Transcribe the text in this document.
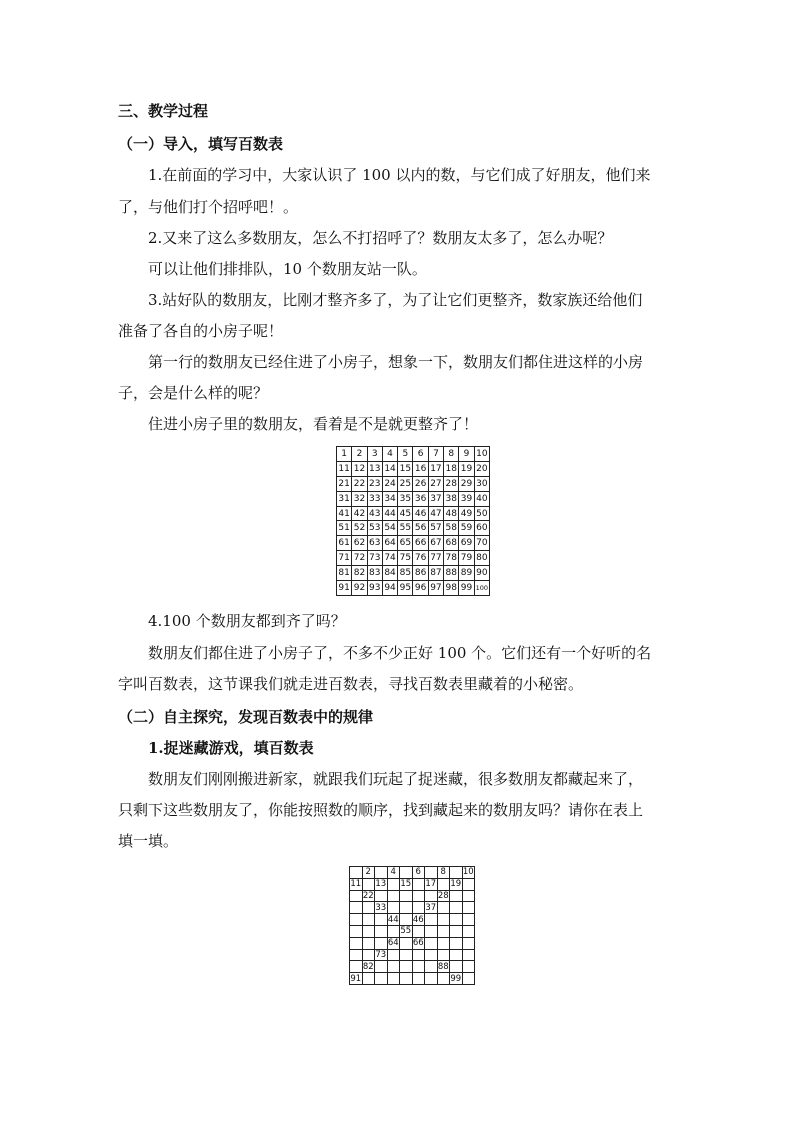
三、教学过程
（一）导入，填写百数表
1.在前面的学习中，大家认识了 100 以内的数，与它们成了好朋友，他们来
了，与他们打个招呼吧！。
2.又来了这么多数朋友，怎么不打招呼了？数朋友太多了，怎么办呢？
可以让他们排排队，10 个数朋友站一队。
3.站好队的数朋友，比刚才整齐多了，为了让它们更整齐，数家族还给他们
准备了各自的小房子呢！
第一行的数朋友已经住进了小房子，想象一下，数朋友们都住进这样的小房
子，会是什么样的呢？
住进小房子里的数朋友，看着是不是就更整齐了！
1	2	3	4	5	6	7	8	9	10
11	12	13	14	15	16	17	18	19	20
21	22	23	24	25	26	27	28	29	30
31	32	33	34	35	36	37	38	39	40
41	42	43	44	45	46	47	48	49	50
51	52	53	54	55	56	57	58	59	60
61	62	63	64	65	66	67	68	69	70
71	72	73	74	75	76	77	78	79	80
81	82	83	84	85	86	87	88	89	90
91	92	93	94	95	96	97	98	99	100
4.100 个数朋友都到齐了吗？
数朋友们都住进了小房子了，不多不少正好 100 个。它们还有一个好听的名
字叫百数表，这节课我们就走进百数表，寻找百数表里藏着的小秘密。
（二）自主探究，发现百数表中的规律
1.捉迷藏游戏，填百数表
数朋友们刚刚搬进新家，就跟我们玩起了捉迷藏，很多数朋友都藏起来了，
只剩下这些数朋友了，你能按照数的顺序，找到藏起来的数朋友吗？请你在表上
填一填。
	2		4		6		8		10
11		13		15		17		19	
	22						28		
		33				37			
			44		46				
				55					
			64		66				
		73							
	82						88		
91								99	
